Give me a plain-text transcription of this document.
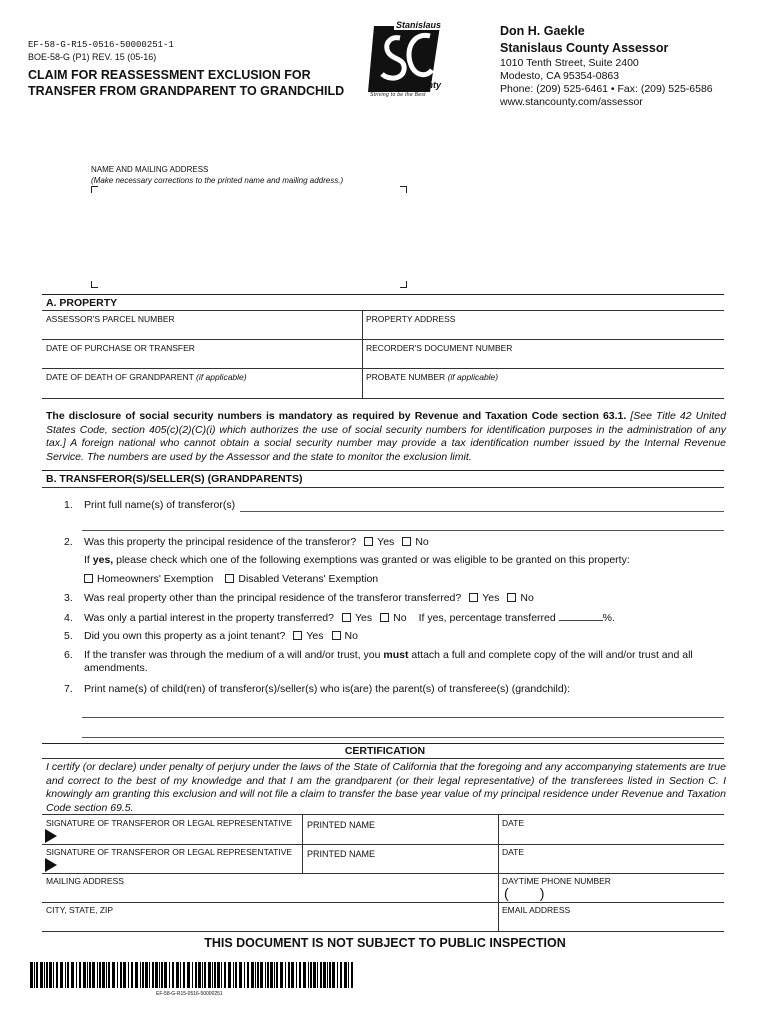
EF-58-G-R15-0516-50000251-1
BOE-58-G (P1) REV. 15 (05-16)
CLAIM FOR REASSESSMENT EXCLUSION FOR
TRANSFER FROM GRANDPARENT TO GRANDCHILD
Stanislaus
County
Striving to be the Best
Don H. Gaekle
Stanislaus County Assessor
1010 Tenth Street, Suite 2400
Modesto, CA 95354-0863
Phone: (209) 525-6461 • Fax: (209) 525-6586
www.stancounty.com/assessor
NAME AND MAILING ADDRESS
(Make necessary corrections to the printed name and mailing address.)
A. PROPERTY
ASSESSOR'S PARCEL NUMBER	PROPERTY ADDRESS
DATE OF PURCHASE OR TRANSFER	RECORDER'S DOCUMENT NUMBER
DATE OF DEATH OF GRANDPARENT (if applicable)	PROBATE NUMBER (if applicable)
The disclosure of social security numbers is mandatory as required by Revenue and Taxation Code section 63.1. [See Title 42 United States Code, section 405(c)(2)(C)(i) which authorizes the use of social security numbers for identification purposes in the administration of any tax.] A foreign national who cannot obtain a social security number may provide a tax identification number issued by the Internal Revenue Service. The numbers are used by the Assessor and the state to monitor the exclusion limit.
B. TRANSFEROR(S)/SELLER(S) (GRANDPARENTS)
1. Print full name(s) of transferor(s)
2. Was this property the principal residence of the transferor? Yes No
If yes, please check which one of the following exemptions was granted or was eligible to be granted on this property:
Homeowners' Exemption Disabled Veterans' Exemption
3. Was real property other than the principal residence of the transferor transferred? Yes No
4. Was only a partial interest in the property transferred? Yes No If yes, percentage transferred	%.
5. Did you own this property as a joint tenant? Yes No
6. If the transfer was through the medium of a will and/or trust, you must attach a full and complete copy of the will and/or trust and all
amendments.
7. Print name(s) of child(ren) of transferor(s)/seller(s) who is(are) the parent(s) of transferee(s) (grandchild):
CERTIFICATION
I certify (or declare) under penalty of perjury under the laws of the State of California that the foregoing and any accompanying statements are true and correct to the best of my knowledge and that I am the grandparent (or their legal representative) of the transferees listed in Section C. I knowingly am granting this exclusion and will not file a claim to transfer the base year value of my principal residence under Revenue and Taxation Code section 69.5.
SIGNATURE OF TRANSFEROR OR LEGAL REPRESENTATIVE PRINTED NAME	DATE
SIGNATURE OF TRANSFEROR OR LEGAL REPRESENTATIVE PRINTED NAME	DATE
MAILING ADDRESS	DAYTIME PHONE NUMBER
(        )
CITY, STATE, ZIP	EMAIL ADDRESS
THIS DOCUMENT IS NOT SUBJECT TO PUBLIC INSPECTION
EF-58-G-R15-0516-50000251
